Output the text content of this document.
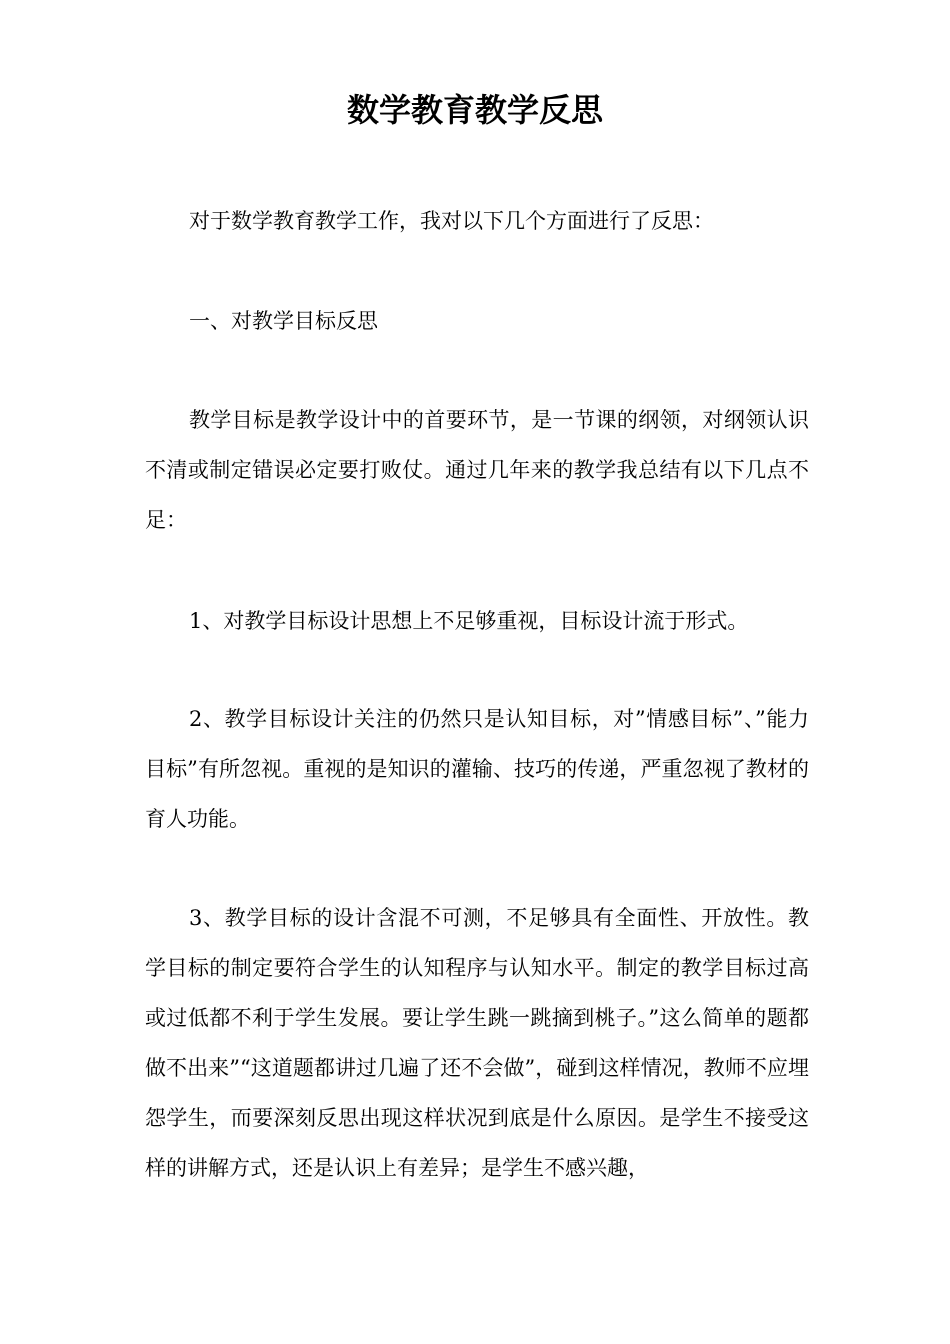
数学教育教学反思

对于数学教育教学工作，我对以下几个方面进行了反思：

一、对教学目标反思

教学目标是教学设计中的首要环节，是一节课的纲领，对纲领认识不清或制定错误必定要打败仗。通过几年来的教学我总结有以下几点不足：

1、对教学目标设计思想上不足够重视，目标设计流于形式。

2、教学目标设计关注的仍然只是认知目标，对”情感目标”、”能力目标”有所忽视。重视的是知识的灌输、技巧的传递，严重忽视了教材的育人功能。

3、教学目标的设计含混不可测，不足够具有全面性、开放性。教学目标的制定要符合学生的认知程序与认知水平。制定的教学目标过高或过低都不利于学生发展。要让学生跳一跳摘到桃子。”这么简单的题都做不出来”“这道题都讲过几遍了还不会做”，碰到这样情况，教师不应埋怨学生，而要深刻反思出现这样状况到底是什么原因。是学生不接受这样的讲解方式，还是认识上有差异；是学生不感兴趣，
